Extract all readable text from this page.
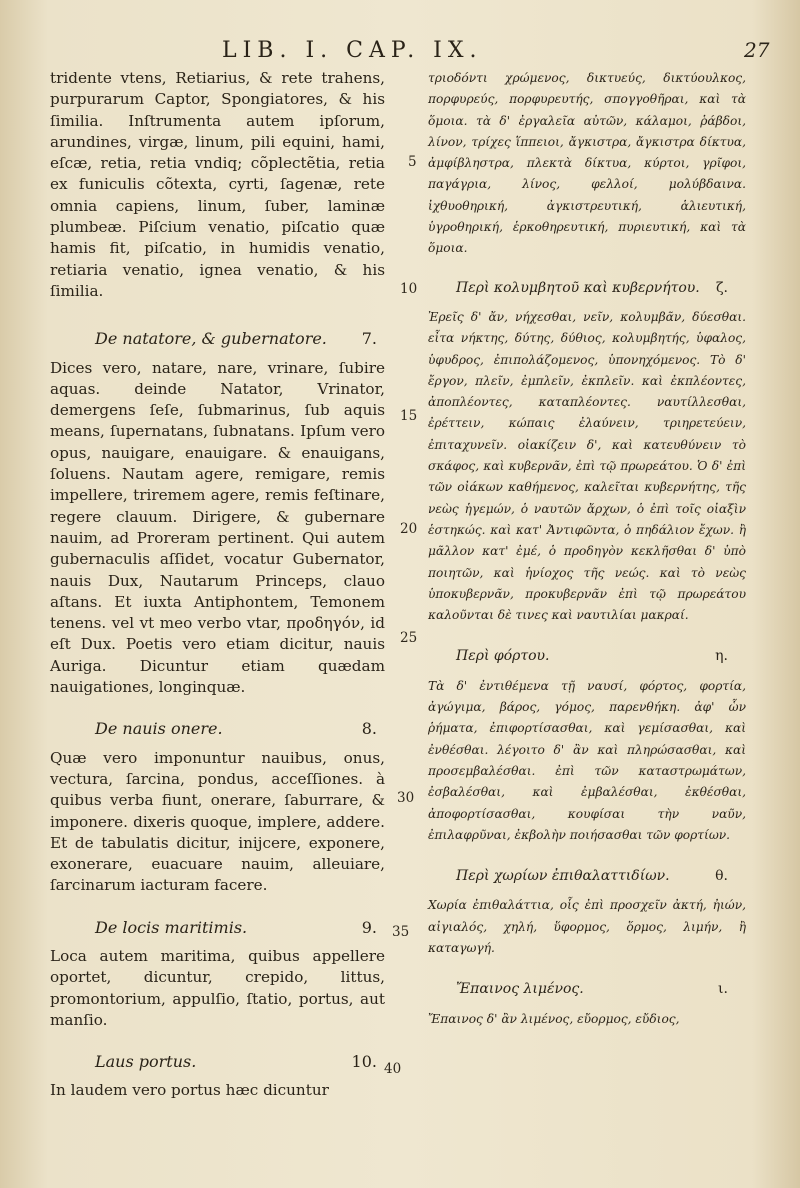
LIB. I. CAP. IX.	27

tridente vtens, Retiarius, & rete trahens, purpurarum Captor, Spongiatores, & his ſimilia. Inſtrumenta autem ipſorum, arundines, virgæ, linum, pili equini, hami, eſcæ, retia, retia vndiq; cõplectẽtia, retia ex funiculis cõtexta, cyrti, ſagenæ, rete omnia capiens, linum, ſuber, laminæ plumbeæ. Piſcium venatio, piſcatio quæ hamis fit, piſcatio, in humidis venatio, retiaria venatio, ignea venatio, & his ſimilia.

De natatore, & gubernatore. 7.

Dices vero, natare, nare, vrinare, ſubire aquas. deinde Natator, Vrinator, demergens ſeſe, ſubmarinus, ſub aquis means, ſupernatans, ſubnatans. Ipſum vero opus, nauigare, enauigare. & enauigans, ſoluens. Nautam agere, remigare, remis impellere, triremem agere, remis feſtinare, regere clauum. Dirigere, & gubernare nauim, ad Proreram pertinent. Qui autem gubernaculis aſſidet, vocatur Gubernator, nauis Dux, Nautarum Princeps, clauo aſtans. Et iuxta Antiphontem, Temonem tenens. vel vt meo verbo vtar, προδηγόν, id eſt Dux. Poetis vero etiam dicitur, nauis Auriga. Dicuntur etiam quædam nauigationes, longinquæ.

De nauis onere.	8.

Quæ vero imponuntur nauibus, onus, vectura, ſarcina, pondus, acceſſiones. à quibus verba fiunt, onerare, ſaburrare, & imponere. dixeris quoque, implere, addere. Et de tabulatis dicitur, inijcere, exponere, exonerare, euacuare nauim, alleuiare, ſarcinarum iacturam facere.

De locis maritimis.	9.

Loca autem maritima, quibus appellere oportet, dicuntur, crepido, littus, promontorium, appulſio, ſtatio, portus, aut manſio.

Laus portus.	10.

In laudem vero portus hæc dicuntur

5
10
15
20
25
30
35
40

τριοδόντι χρώμενος, δικτυεύς, δικτύουλκος, πορφυρεύς, πορφυρευτής, σπογγοθῆραι, καὶ τὰ ὅμοια. τὰ δ' ἐργαλεῖα αὐτῶν, κάλαμοι, ῥάβδοι, λίνον, τρίχες ἵππειοι, ἄγκιστρα, ἄγκιστρα δίκτυα, ἀμφίβληστρα, πλεκτὰ δίκτυα, κύρτοι, γρῖφοι, παγάγρια, λίνος, φελλοί, μολύβδαινα. ἰχθυοθηρική, ἀγκιστρευτική, ἁλιευτική, ὑγροθηρική, ἑρκοθηρευτική, πυριευτική, καὶ τὰ ὅμοια.

Περὶ κολυμβητοῦ καὶ κυβερνήτου. ζ.

Ἐρεῖς δ' ἄν, νήχεσθαι, νεῖν, κολυμβᾶν, δύεσθαι. εἶτα νήκτης, δύτης, δύθιος, κολυμβητής, ὑφαλος, ὑφυδρος, ἐπιπολάζομενος, ὑπονηχόμενος. Τὸ δ' ἔργον, πλεῖν, ἐμπλεῖν, ἐκπλεῖν. καὶ ἐκπλέοντες, ἀποπλέοντες, καταπλέοντες. ναυτίλλεσθαι, ἐρέττειν, κώπαις ἐλαύνειν, τριηρετεύειν, ἐπιταχυνεῖν. οἰακίζειν δ', καὶ κατευθύνειν τὸ σκάφος, καὶ κυβερνᾶν, ἐπὶ τῷ πρωρεάτου. Ὁ δ' ἐπὶ τῶν οἰάκων καθήμενος, καλεῖται κυβερνήτης, τῆς νεὼς ἡγεμών, ὁ ναυτῶν ἄρχων, ὁ ἐπὶ τοῖς οἰαξὶν ἑστηκώς. καὶ κατ' Ἀντιφῶντα, ὁ πηδάλιον ἔχων. ἢ μᾶλλον κατ' ἐμέ, ὁ προδηγὸν κεκλῆσθαι δ' ὑπὸ ποιητῶν, καὶ ἡνίοχος τῆς νεώς. καὶ τὸ νεὼς ὑποκυβερνᾶν, προκυβερνᾶν ἐπὶ τῷ πρωρεάτου καλοῦνται δὲ τινες καὶ ναυτιλίαι μακραί.

Περὶ φόρτου.	η.

Τὰ δ' ἐντιθέμενα τῇ ναυσί, φόρτος, φορτία, ἀγώγιμα, βάρος, γόμος, παρενθήκη. ἀφ' ὧν ῥήματα, ἐπιφορτίσασθαι, καὶ γεμίσασθαι, καὶ ἐνθέσθαι. λέγοιτο δ' ἂν καὶ πληρώσασθαι, καὶ προσεμβαλέσθαι. ἐπὶ τῶν καταστρωμάτων, ἐσβαλέσθαι, καὶ ἐμβαλέσθαι, ἐκθέσθαι, ἀποφορτίσασθαι, κουφίσαι τὴν ναῦν, ἐπιλαφρῦναι, ἐκβολὴν ποιήσασθαι τῶν φορτίων.

Περὶ χωρίων ἐπιθαλαττιδίων.	θ.

Χωρία ἐπιθαλάττια, οἷς ἐπὶ προσχεῖν ἀκτή, ἠιών, αἰγιαλός, χηλή, ὕφορμος, ὅρμος, λιμήν, ἢ καταγωγή.

Ἔπαινος λιμένος.	ι.

Ἔπαινος δ' ἂν λιμένος, εὔορμος, εὔδιος,
